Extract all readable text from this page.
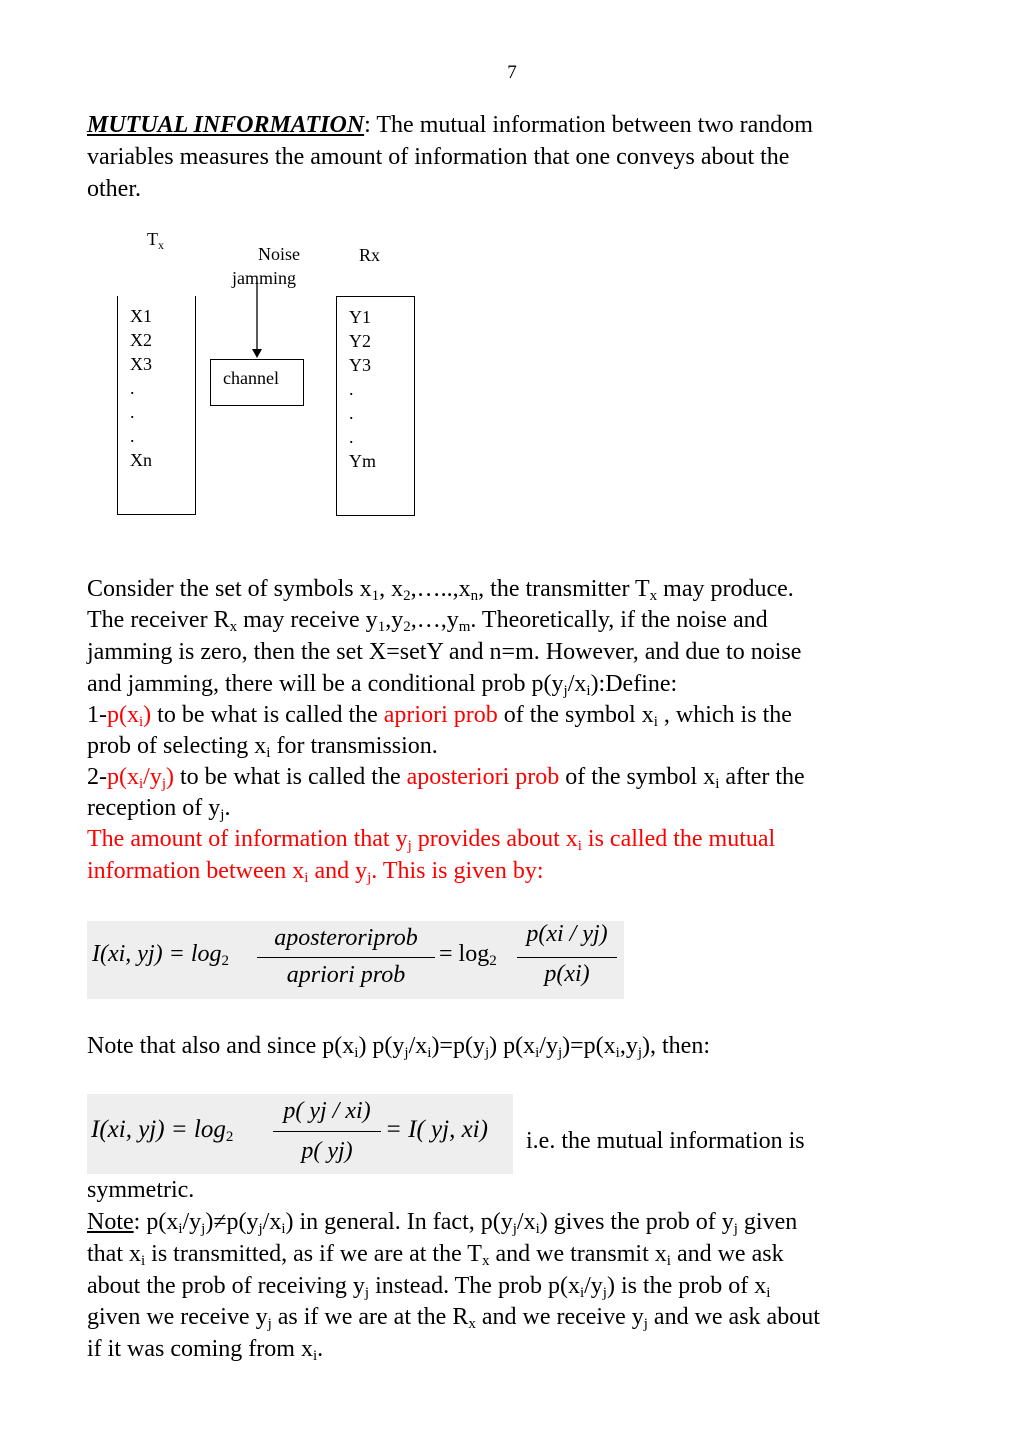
7
MUTUAL INFORMATION: The mutual information between two random
variables measures the amount of information that one conveys about the
other.
$T_x$	Noise
jamming
Rx
X1
X2
X3
.
.
.
Xn
Y1
Y2
Y3
.
.
.
Ym
channel
Consider the set of symbols $x_1$, $x_2,\dots..,x_n$, the transmitter $T_x$ may produce.
The receiver $R_x$ may receive $y_1,y_2,\dots,y_m$. Theoretically, if the noise and
jamming is zero, then the set X=setY and n=m. However, and due to noise
and jamming, there will be a conditional prob $p(y_j/x_i):Define$:
$1-p(x_i)$ to be what is called the apriori prob of the symbol $x_i$ , which is the
prob of selecting $x_i$ for transmission.
$2-p(x_i/y_j)$ to be what is called the aposteriori prob of the symbol $x_i$ after the
reception of $y_j$.
The amount of information that $y_j$ provides about $x_i$ is called the mutual
information between $x_i$ and $y_j$. This is given by:
I(xi, $yj) = \log_2$
aposteroriprob
apriori prob
= $\log_2$
p(xi / yj)
p(xi)
Note that also and since $p(x_i)$ $p(y_j/x_i)=p(y_j)$ $p(x_i/y_j)=p(x_i,y_j)$, then:
I(xi, $yj) = \log_2$
p( yj / xi)
p( yj)
= I( yj, xi) i.e. the mutual information is
symmetric.
Note: $p(x_i/y_j)\ne p(y_j/x_i)$ in general. In fact, $p(y_j/x_i)$ gives the prob of $y_j$ given
that $x_i$ is transmitted, as if we are at the $T_x$ and we transmit $x_i$ and we ask
about the prob of receiving $y_j$ instead. The prob $p(x_i/y_j)$ is the prob of $x_i$
given we receive $y_j$ as if we are at the $R_x$ and we receive $y_j$ and we ask about
if it was coming from $x_i$.
